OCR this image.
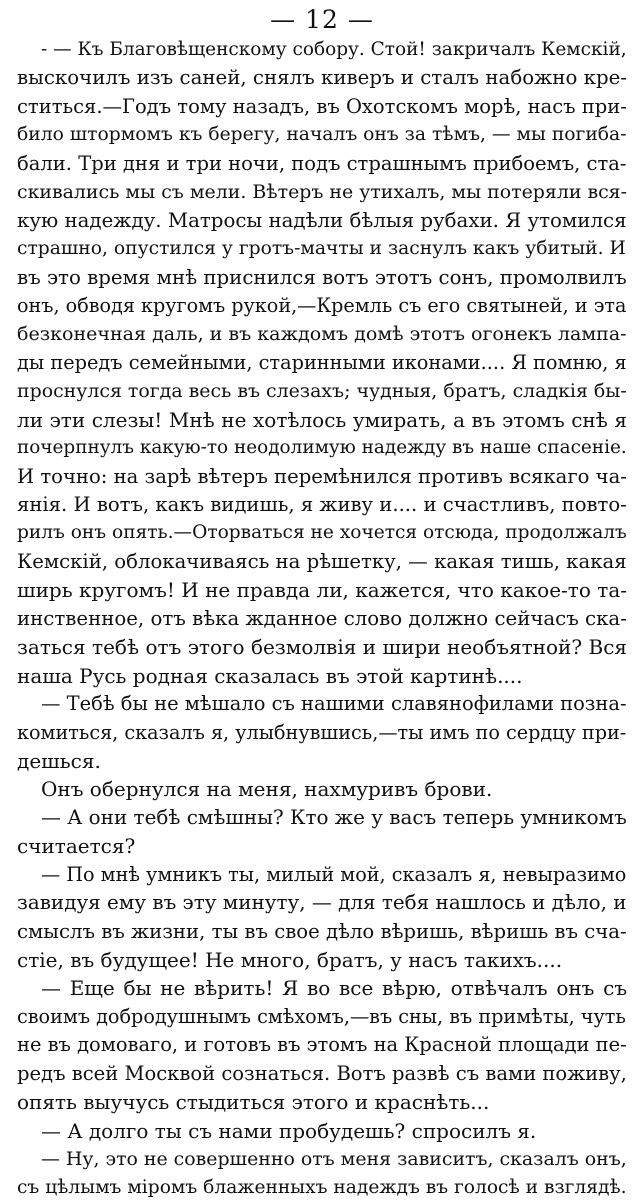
— 12 —
- — Къ Благовѣщенскому собору. Стой! закричалъ Кемскій,
выскочилъ изъ саней, снялъ киверъ и сталъ набожно кре-
ститься.—Годъ тому назадъ, въ Охотскомъ морѣ, насъ при-
било штормомъ къ берегу, началъ онъ за тѣмъ, — мы погиба-
бали. Три дня и три ночи, подъ страшнымъ прибоемъ, ста-
скивались мы съ мели. Вѣтеръ не утихалъ, мы потеряли вся-
кую надежду. Матросы надѣли бѣлыя рубахи. Я утомился
страшно, опустился у гротъ-мачты и заснулъ какъ убитый. И
въ это время мнѣ приснился вотъ этотъ сонъ, промолвилъ
онъ, обводя кругомъ рукой,—Кремль съ его святыней, и эта
безконечная даль, и въ каждомъ домѣ этотъ огонекъ лампа-
ды передъ семейными, старинными иконами.... Я помню, я
проснулся тогда весь въ слезахъ; чудныя, братъ, сладкія бы-
ли эти слезы! Мнѣ не хотѣлось умирать, а въ этомъ снѣ я
почерпнулъ какую-то неодолимую надежду въ наше спасеніе.
И точно: на зарѣ вѣтеръ перемѣнился противъ всякаго ча-
янія. И вотъ, какъ видишь, я живу и.... и счастливъ, повто-
рилъ онъ опять.—Оторваться не хочется отсюда, продолжалъ
Кемскій, облокачиваясь на рѣшетку, — какая тишь, какая
ширь кругомъ! И не правда ли, кажется, что какое-то та-
инственное, отъ вѣка жданное слово должно сейчасъ ска-
заться тебѣ отъ этого безмолвія и шири необъятной? Вся
наша Русь родная сказалась въ этой картинѣ....
— Тебѣ бы не мѣшало съ нашими славянофилами позна-
комиться, сказалъ я, улыбнувшись,—ты имъ по сердцу при-
дешься.
Онъ обернулся на меня, нахмуривъ брови.
— А они тебѣ смѣшны? Кто же у васъ теперь умникомъ
считается?
— По мнѣ умникъ ты, милый мой, сказалъ я, невыразимо
завидуя ему въ эту минуту, — для тебя нашлось и дѣло, и
смыслъ въ жизни, ты въ свое дѣло вѣришь, вѣришь въ сча-
стіе, въ будущее! Не много, братъ, у насъ такихъ....
— Еще бы не вѣрить! Я во все вѣрю, отвѣчалъ онъ съ
своимъ добродушнымъ смѣхомъ,—въ сны, въ примѣты, чуть
не въ домоваго, и готовъ въ этомъ на Красной площади пе-
редъ всей Москвой сознаться. Вотъ развѣ съ вами поживу,
опять выучусь стыдиться этого и краснѣть...
— А долго ты съ нами пробудешь? спросилъ я.
— Ну, это не совершенно отъ меня зависитъ, сказалъ онъ,
съ цѣлымъ міромъ блаженныхъ надеждъ въ голосѣ и взглядѣ.
